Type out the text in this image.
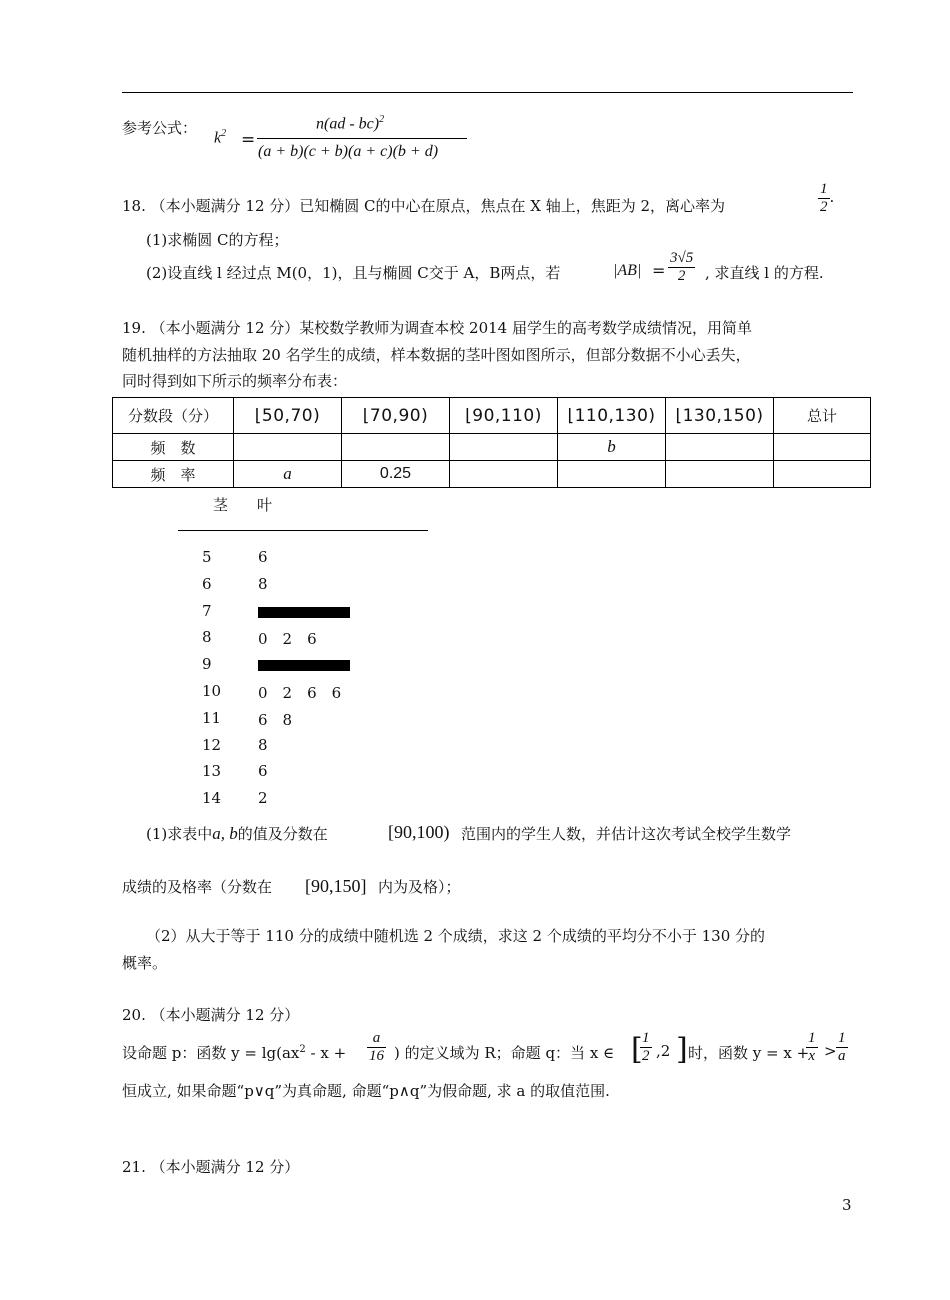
参考公式：
$k^2$ =
n(ad - bc)$^2$
(a + b)(c + b)(a + c)(b + d)
18. （本小题满分 12 分）已知椭圆 C的中心在原点，焦点在 X 轴上，焦距为 2，离心率为	$\frac{1}{2}$ .
(1)求椭圆 C的方程；
(2)设直线 l 经过点 M(0，1)，且与椭圆 C交于 A，B两点，若	$|AB| = \frac{3√5}{2}$ , 求直线 l 的方程.
19. （本小题满分 12 分）某校数学教师为调查本校 2014 届学生的高考数学成绩情况，用简单
随机抽样的方法抽取 20 名学生的成绩，样本数据的茎叶图如图所示，但部分数据不小心丢失，
同时得到如下所示的频率分布表：
分数段（分）	⌊50,70)	⌊70,90)	⌊90,110)	⌊110,130)	⌊130,150)	总计
频　数				b		
频　率	a	0.25				
茎 叶
5	6
6	8
7
8	0　2　6
9
10	0　2　6　6
11	6　8
12	8
13	6
14	2
(1)求表中a, b的值及分数在	[90,100) 范围内的学生人数，并估计这次考试全校学生数学
成绩的及格率（分数在 [90,150] 内为及格）；
（2）从大于等于 110 分的成绩中随机选 2 个成绩，求这 2 个成绩的平均分不小于 130 分的
概率。
20. （本小题满分 12 分）
设命题 p：函数 $y = \lg(ax^2 - x + \frac{a}{16}$ ) 的定义域为 R；命题 q：当 x ∈ [
$\frac{1}{2} ,2$ ] 时，函数 y = x +
$\frac{1}{x} > \frac{1}{a}$
恒成立, 如果命题“p∨q”为真命题, 命题“p∧q”为假命题, 求 a 的取值范围.
21. （本小题满分 12 分）
3
